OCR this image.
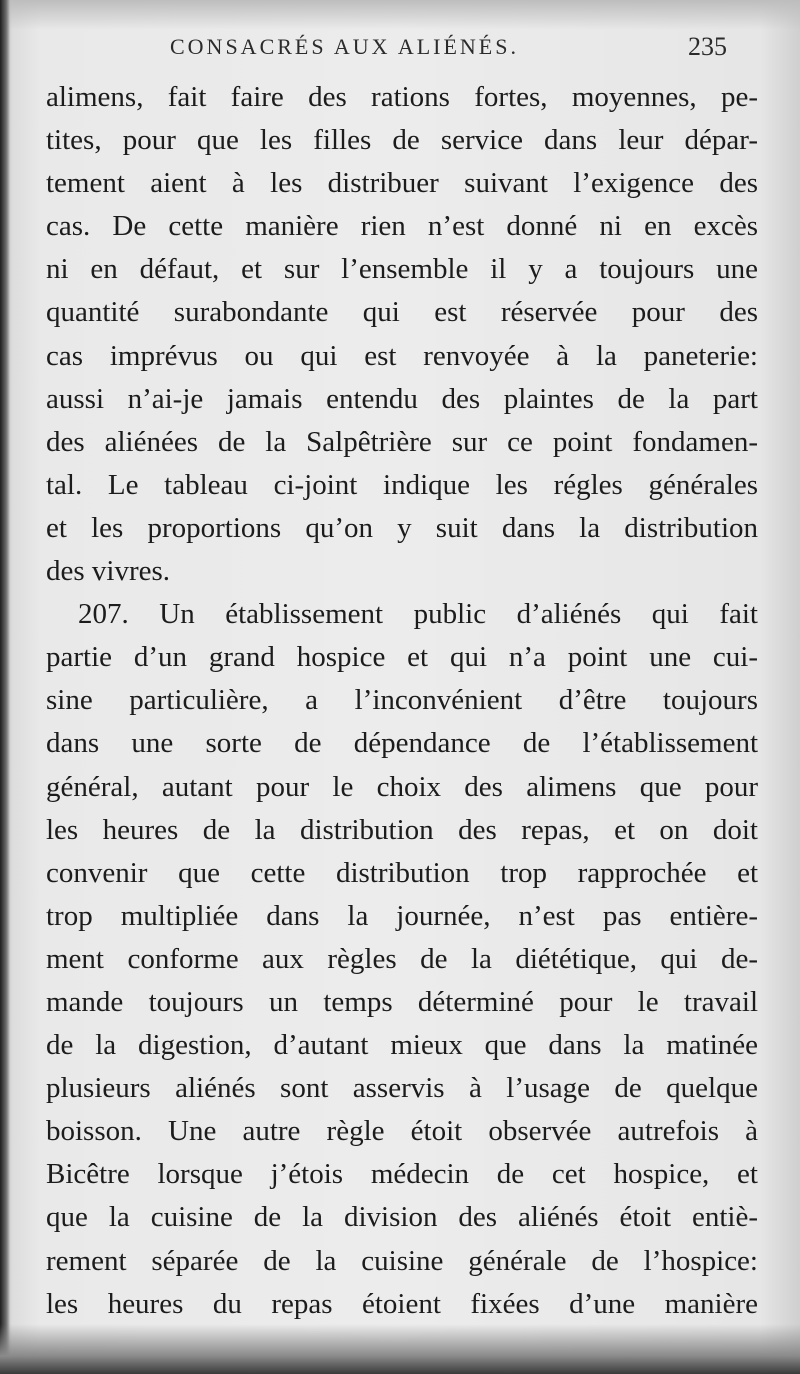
CONSACRÉS AUX ALIÉNÉS.	235
alimens, fait faire des rations fortes, moyennes, pe-
tites, pour que les filles de service dans leur dépar-
tement aient à les distribuer suivant l’exigence des
cas. De cette manière rien n’est donné ni en excès
ni en défaut, et sur l’ensemble il y a toujours une
quantité surabondante qui est réservée pour des
cas imprévus ou qui est renvoyée à la paneterie:
aussi n’ai-je jamais entendu des plaintes de la part
des aliénées de la Salpêtrière sur ce point fondamen-
tal. Le tableau ci-joint indique les régles générales
et les proportions qu’on y suit dans la distribution
des vivres.
207. Un établissement public d’aliénés qui fait
partie d’un grand hospice et qui n’a point une cui-
sine particulière, a l’inconvénient d’être toujours
dans une sorte de dépendance de l’établissement
général, autant pour le choix des alimens que pour
les heures de la distribution des repas, et on doit
convenir que cette distribution trop rapprochée et
trop multipliée dans la journée, n’est pas entière-
ment conforme aux règles de la diététique, qui de-
mande toujours un temps déterminé pour le travail
de la digestion, d’autant mieux que dans la matinée
plusieurs aliénés sont asservis à l’usage de quelque
boisson. Une autre règle étoit observée autrefois à
Bicêtre lorsque j’étois médecin de cet hospice, et
que la cuisine de la division des aliénés étoit entiè-
rement séparée de la cuisine générale de l’hospice:
les heures du repas étoient fixées d’une manière
